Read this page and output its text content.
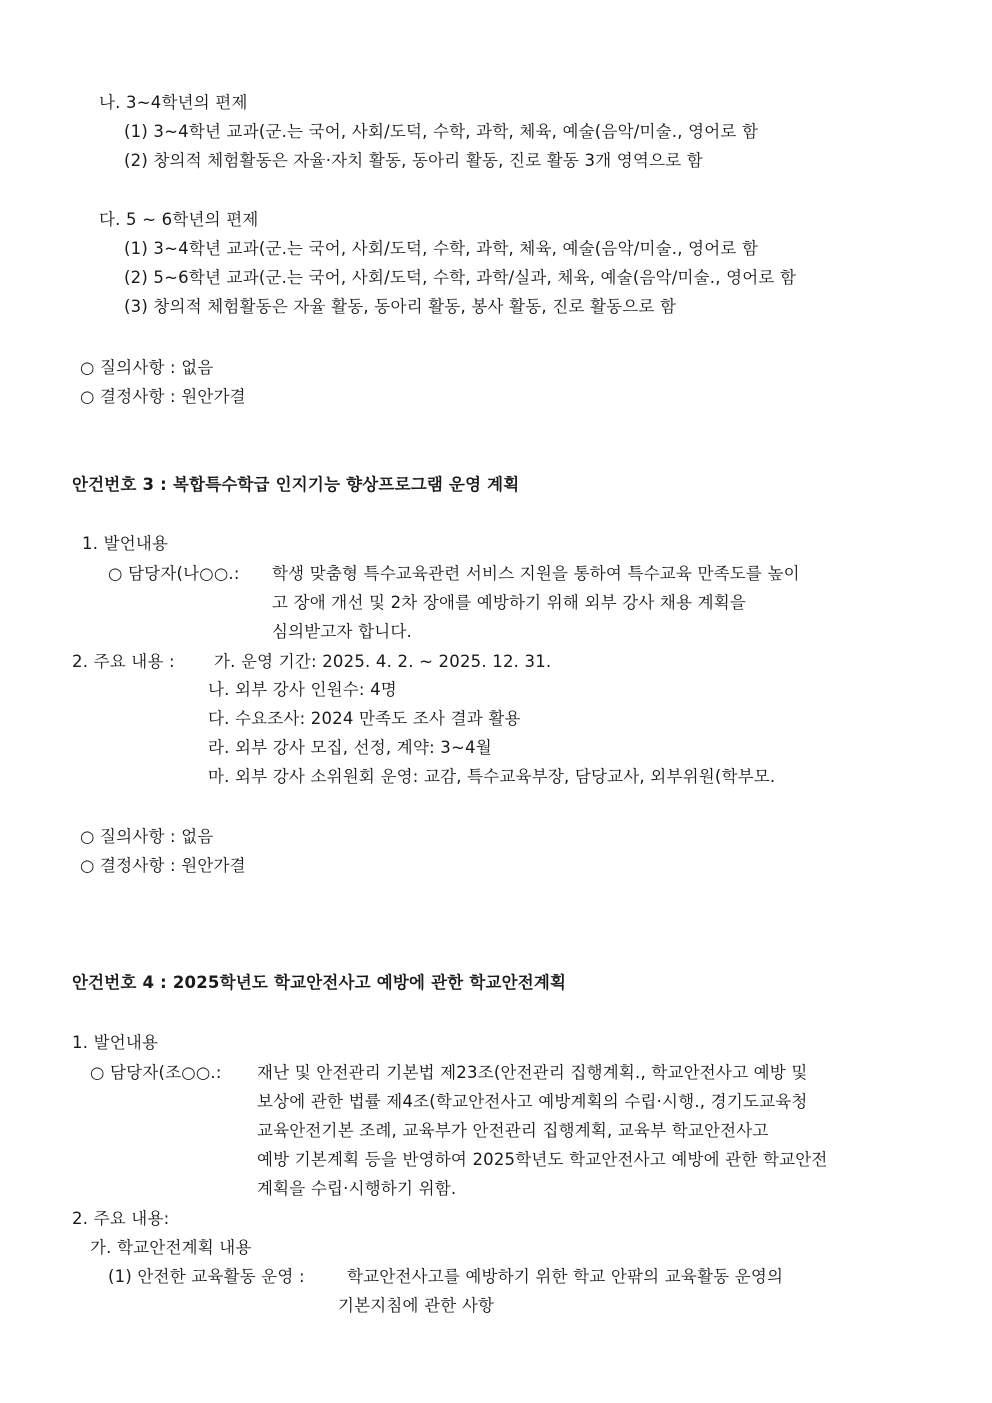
나. 3~4학년의 편제
(1) 3~4학년 교과(군.는 국어, 사회/도덕, 수학, 과학, 체육, 예술(음악/미술., 영어로 함
(2) 창의적 체험활동은 자율·자치 활동, 동아리 활동, 진로 활동 3개 영역으로 함
다. 5 ~ 6학년의 편제
(1) 3~4학년 교과(군.는 국어, 사회/도덕, 수학, 과학, 체육, 예술(음악/미술., 영어로 함
(2) 5~6학년 교과(군.는 국어, 사회/도덕, 수학, 과학/실과, 체육, 예술(음악/미술., 영어로 함
(3) 창의적 체험활동은 자율 활동, 동아리 활동, 봉사 활동, 진로 활동으로 함
○ 질의사항 : 없음
○ 결정사항 : 원안가결
안건번호 3 : 복합특수학급 인지기능 향상프로그램 운영 계획
1. 발언내용
○ 담당자(나○○.: 학생 맞춤형 특수교육관련 서비스 지원을 통하여 특수교육 만족도를 높이
고 장애 개선 및 2차 장애를 예방하기 위해 외부 강사 채용 계획을
심의받고자 합니다.
2. 주요 내용 : 가. 운영 기간: 2025. 4. 2. ~ 2025. 12. 31.
나. 외부 강사 인원수: 4명
다. 수요조사: 2024 만족도 조사 결과 활용
라. 외부 강사 모집, 선정, 계약: 3~4월
마. 외부 강사 소위원회 운영: 교감, 특수교육부장, 담당교사, 외부위원(학부모.
○ 질의사항 : 없음
○ 결정사항 : 원안가결
안건번호 4 : 2025학년도 학교안전사고 예방에 관한 학교안전계획
1. 발언내용
○ 담당자(조○○.: 재난 및 안전관리 기본법 제23조(안전관리 집행계획., 학교안전사고 예방 및
보상에 관한 법률 제4조(학교안전사고 예방계획의 수립·시행., 경기도교육청
교육안전기본 조례, 교육부가 안전관리 집행계획, 교육부 학교안전사고
예방 기본계획 등을 반영하여 2025학년도 학교안전사고 예방에 관한 학교안전
계획을 수립·시행하기 위함.
2. 주요 내용:
가. 학교안전계획 내용
(1) 안전한 교육활동 운영 :	학교안전사고를 예방하기 위한 학교 안팎의 교육활동 운영의
기본지침에 관한 사항
